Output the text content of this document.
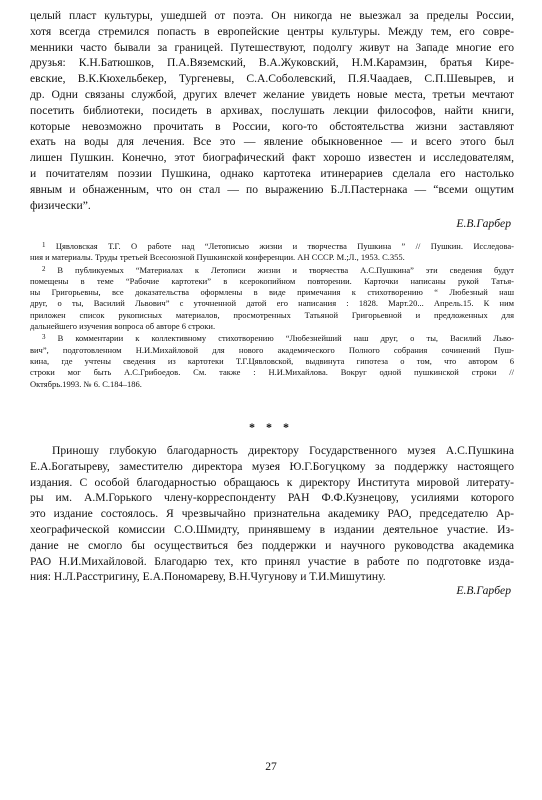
целый пласт культуры, ушедшей от поэта. Он никогда не выезжал за пределы России,
хотя всегда стремился попасть в европейские центры культуры. Между тем, его совре-
менники часто бывали за границей. Путешествуют, подолгу живут на Западе многие его
друзья: К.Н.Батюшков, П.А.Вяземский, В.А.Жуковский, Н.М.Карамзин, братья Кире-
евские, В.К.Кюхельбекер, Тургеневы, С.А.Соболевский, П.Я.Чаадаев, С.П.Шевырев, и
др. Одни связаны службой, других влечет желание увидеть новые места, третьи мечтают
посетить библиотеки, посидеть в архивах, послушать лекции философов, найти книги,
которые невозможно прочитать в России, кого-то обстоятельства жизни заставляют
ехать на воды для лечения. Все это — явление обыкновенное — и всего этого был
лишен Пушкин. Конечно, этот биографический факт хорошо известен и исследователям,
и почитателям поэзии Пушкина, однако картотека итинерариев сделала его настолько
явным и обнаженным, что он стал — по выражению Б.Л.Пастернака — “всеми ощутим
физически”.

Е.В.Гарбер

$^1$ Цявловская Т.Г. О работе над “Летописью жизни и творчества Пушкина ” // Пушкин. Исследова-
ния и материалы. Труды третьей Всесоюзной Пушкинской конференции. АН СССР. М.;Л., 1953. С.355.
$^2$ В публикуемых “Материалах к Летописи жизни и творчества А.С.Пушкина” эти сведения будут
помещены в теме “Рабочие картотеки” в ксерокопийном повторении. Карточки написаны рукой Татья-
ны Григорьевны, все доказательства оформлены в виде примечания к стихотворению “ Любезный наш
друг, о ты, Василий Львович” с уточненной датой его написания : 1828. Март.20... Апрель.15. К ним
приложен список рукописных материалов, просмотренных Татьяной Григорьевной и предложенных для
дальнейшего изучения вопроса об авторе 6 строки.
$^3$ В комментарии к коллективному стихотворению “Любезнейший наш друг, о ты, Василий Льво-
вич”, подготовленном Н.И.Михайловой для нового академического Полного собрания сочинений Пуш-
кина, где учтены сведения из картотеки Т.Г.Цявловской, выдвинута гипотеза о том, что автором 6
строки мог быть А.С.Грибоедов. См. также : Н.И.Михайлова. Вокруг одной пушкинской строки //
Октябрь.1993. № 6. С.184–186.

* * *

Приношу глубокую благодарность директору Государственного музея А.С.Пушкина
Е.А.Богатыреву, заместителю директора музея Ю.Г.Богуцкому за поддержку настоящего
издания. С особой благодарностью обращаюсь к директору Института мировой литерату-
ры им. А.М.Горького члену-корреспонденту РАН Ф.Ф.Кузнецову, усилиями которого
это издание состоялось. Я чрезвычайно признательна академику РАО, председателю Ар-
хеографической комиссии С.О.Шмидту, принявшему в издании деятельное участие. Из-
дание не смогло бы осуществиться без поддержки и научного руководства академика
РАО Н.И.Михайловой. Благодарю тех, кто принял участие в работе по подготовке изда-
ния: Н.Л.Расстригину, Е.А.Пономареву, В.Н.Чугунову и Т.И.Мишутину.

Е.В.Гарбер

27
